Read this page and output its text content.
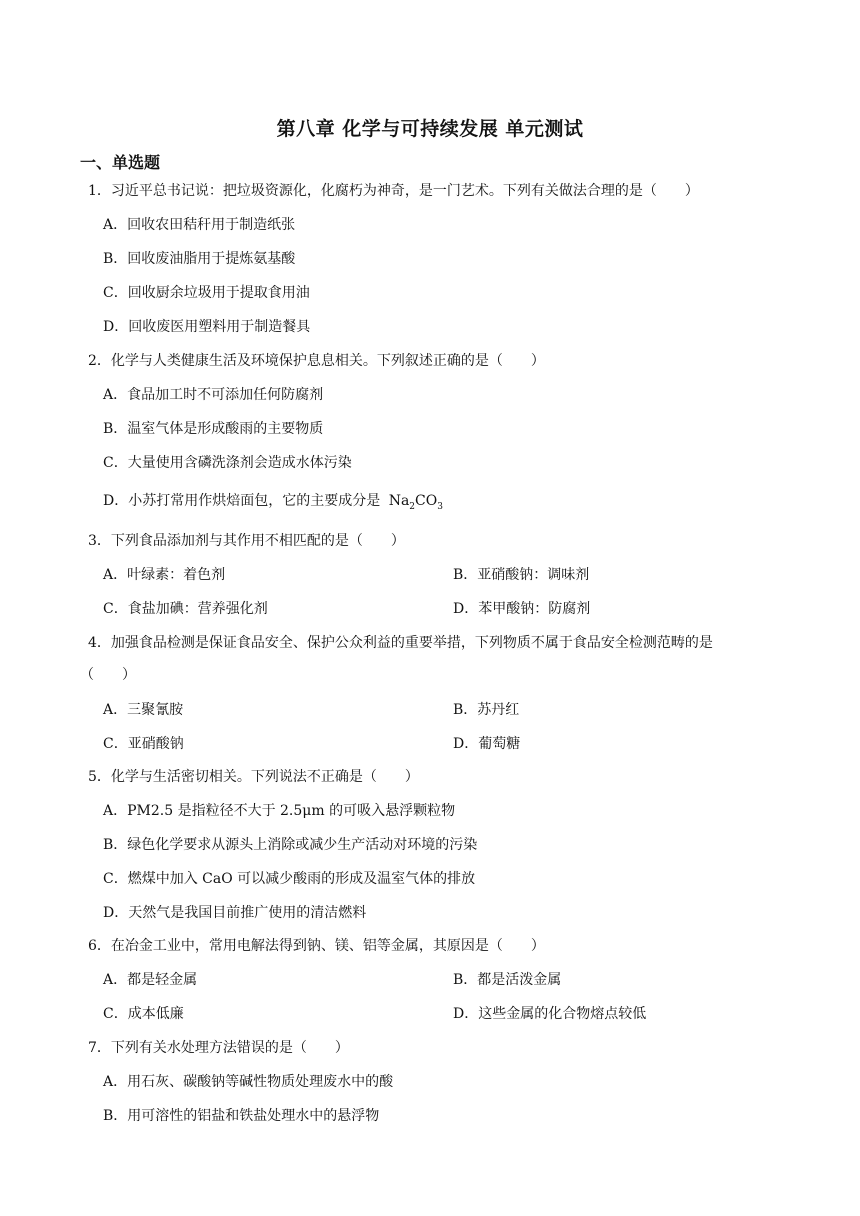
第八章 化学与可持续发展 单元测试
一、单选题
1．习近平总书记说：把垃圾资源化，化腐朽为神奇，是一门艺术。下列有关做法合理的是（　　）
A．回收农田秸秆用于制造纸张
B．回收废油脂用于提炼氨基酸
C．回收厨余垃圾用于提取食用油
D．回收废医用塑料用于制造餐具
2．化学与人类健康生活及环境保护息息相关。下列叙述正确的是（　　）
A．食品加工时不可添加任何防腐剂
B．温室气体是形成酸雨的主要物质
C．大量使用含磷洗涤剂会造成水体污染
D．小苏打常用作烘焙面包，它的主要成分是 $Na_2CO_3$
3．下列食品添加剂与其作用不相匹配的是（　　）
A．叶绿素：着色剂	B．亚硝酸钠：调味剂
C．食盐加碘：营养强化剂	D．苯甲酸钠：防腐剂
4．加强食品检测是保证食品安全、保护公众利益的重要举措，下列物质不属于食品安全检测范畴的是
（　　）
A．三聚氰胺	B．苏丹红
C．亚硝酸钠	D．葡萄糖
5．化学与生活密切相关。下列说法不正确是（　　）
A．PM2.5 是指粒径不大于 2.5μm 的可吸入悬浮颗粒物
B．绿色化学要求从源头上消除或减少生产活动对环境的污染
C．燃煤中加入 CaO 可以减少酸雨的形成及温室气体的排放
D．天然气是我国目前推广使用的清洁燃料
6．在冶金工业中，常用电解法得到钠、镁、铝等金属，其原因是（　　）
A．都是轻金属	B．都是活泼金属
C．成本低廉	D．这些金属的化合物熔点较低
7．下列有关水处理方法错误的是（　　）
A．用石灰、碳酸钠等碱性物质处理废水中的酸
B．用可溶性的铝盐和铁盐处理水中的悬浮物
